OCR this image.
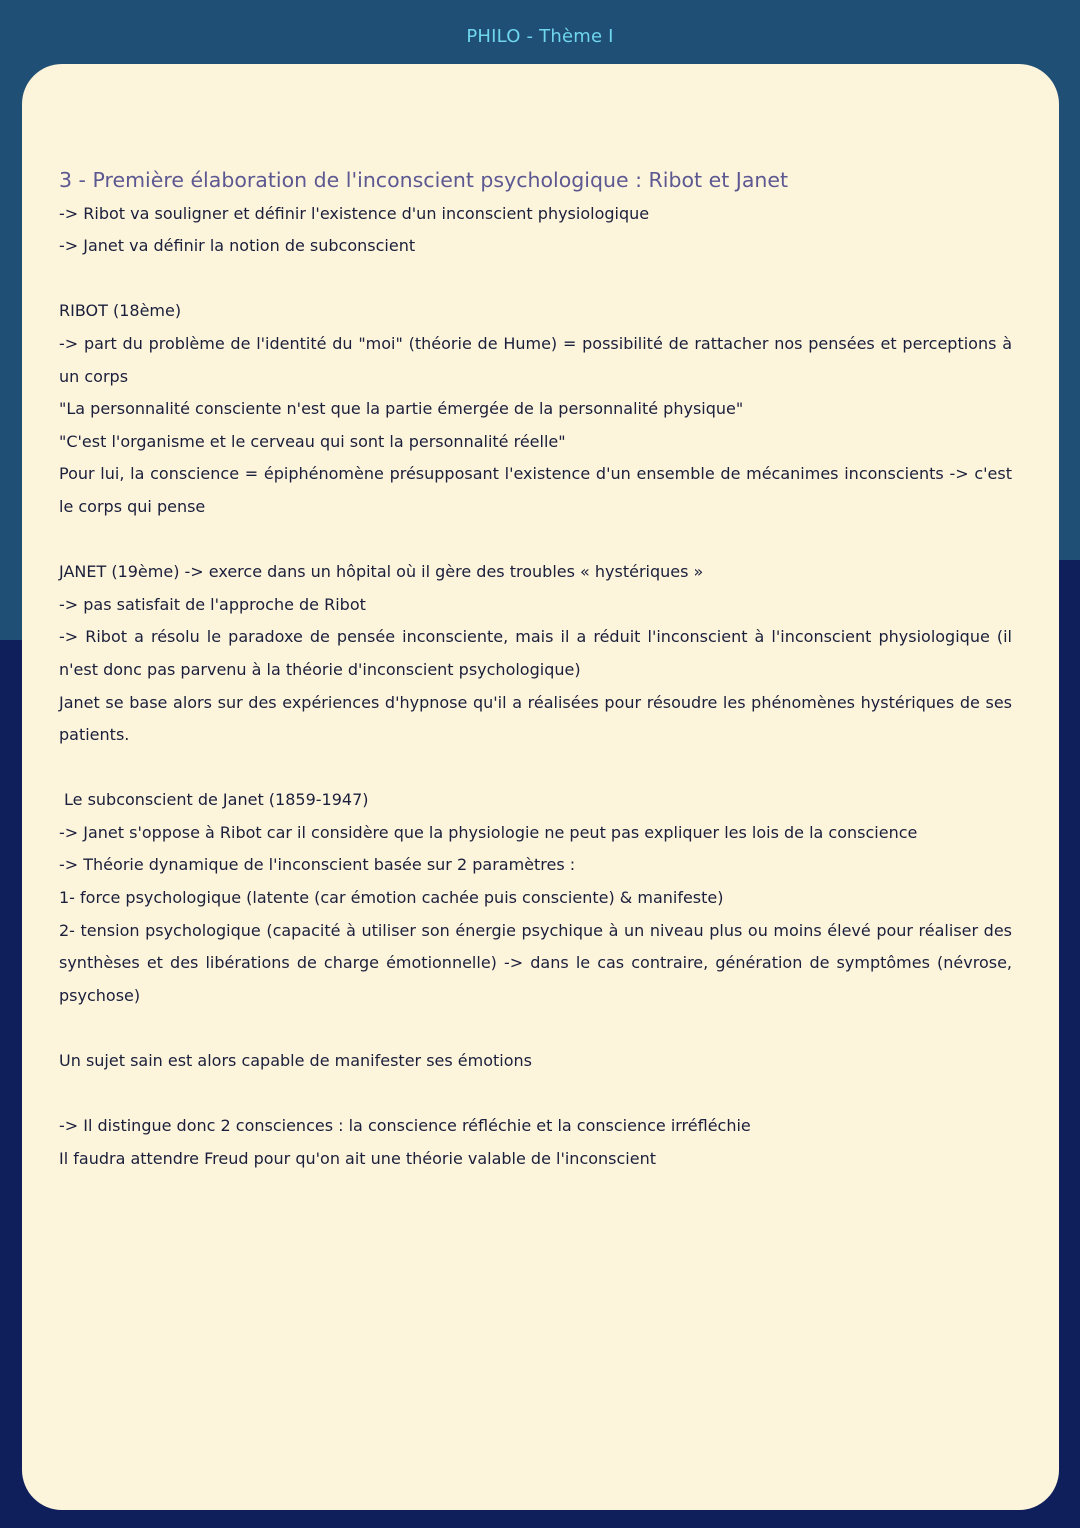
PHILO - Thème I
3 - Première élaboration de l'inconscient psychologique : Ribot et Janet
-> Ribot va souligner et définir l'existence d'un inconscient physiologique
-> Janet va définir la notion de subconscient
RIBOT (18ème)
-> part du problème de l'identité du "moi" (théorie de Hume) = possibilité de rattacher nos pensées et perceptions à un corps
"La personnalité consciente n'est que la partie émergée de la personnalité physique"
"C'est l'organisme et le cerveau qui sont la personnalité réelle"
Pour lui, la conscience = épiphénomène présupposant l'existence d'un ensemble de mécanimes inconscients -> c'est le corps qui pense
JANET (19ème) -> exerce dans un hôpital où il gère des troubles « hystériques »
-> pas satisfait de l'approche de Ribot
-> Ribot a résolu le paradoxe de pensée inconsciente, mais il a réduit l'inconscient à l'inconscient physiologique (il n'est donc pas parvenu à la théorie d'inconscient psychologique)
Janet se base alors sur des expériences d'hypnose qu'il a réalisées pour résoudre les phénomènes hystériques de ses patients.
Le subconscient de Janet (1859-1947)
-> Janet s'oppose à Ribot car il considère que la physiologie ne peut pas expliquer les lois de la conscience
-> Théorie dynamique de l'inconscient basée sur 2 paramètres :
1- force psychologique (latente (car émotion cachée puis consciente) & manifeste)
2- tension psychologique (capacité à utiliser son énergie psychique à un niveau plus ou moins élevé pour réaliser des synthèses et des libérations de charge émotionnelle) -> dans le cas contraire, génération de symptômes (névrose, psychose)
Un sujet sain est alors capable de manifester ses émotions
-> Il distingue donc 2 consciences : la conscience réfléchie et la conscience irréfléchie
Il faudra attendre Freud pour qu'on ait une théorie valable de l'inconscient
